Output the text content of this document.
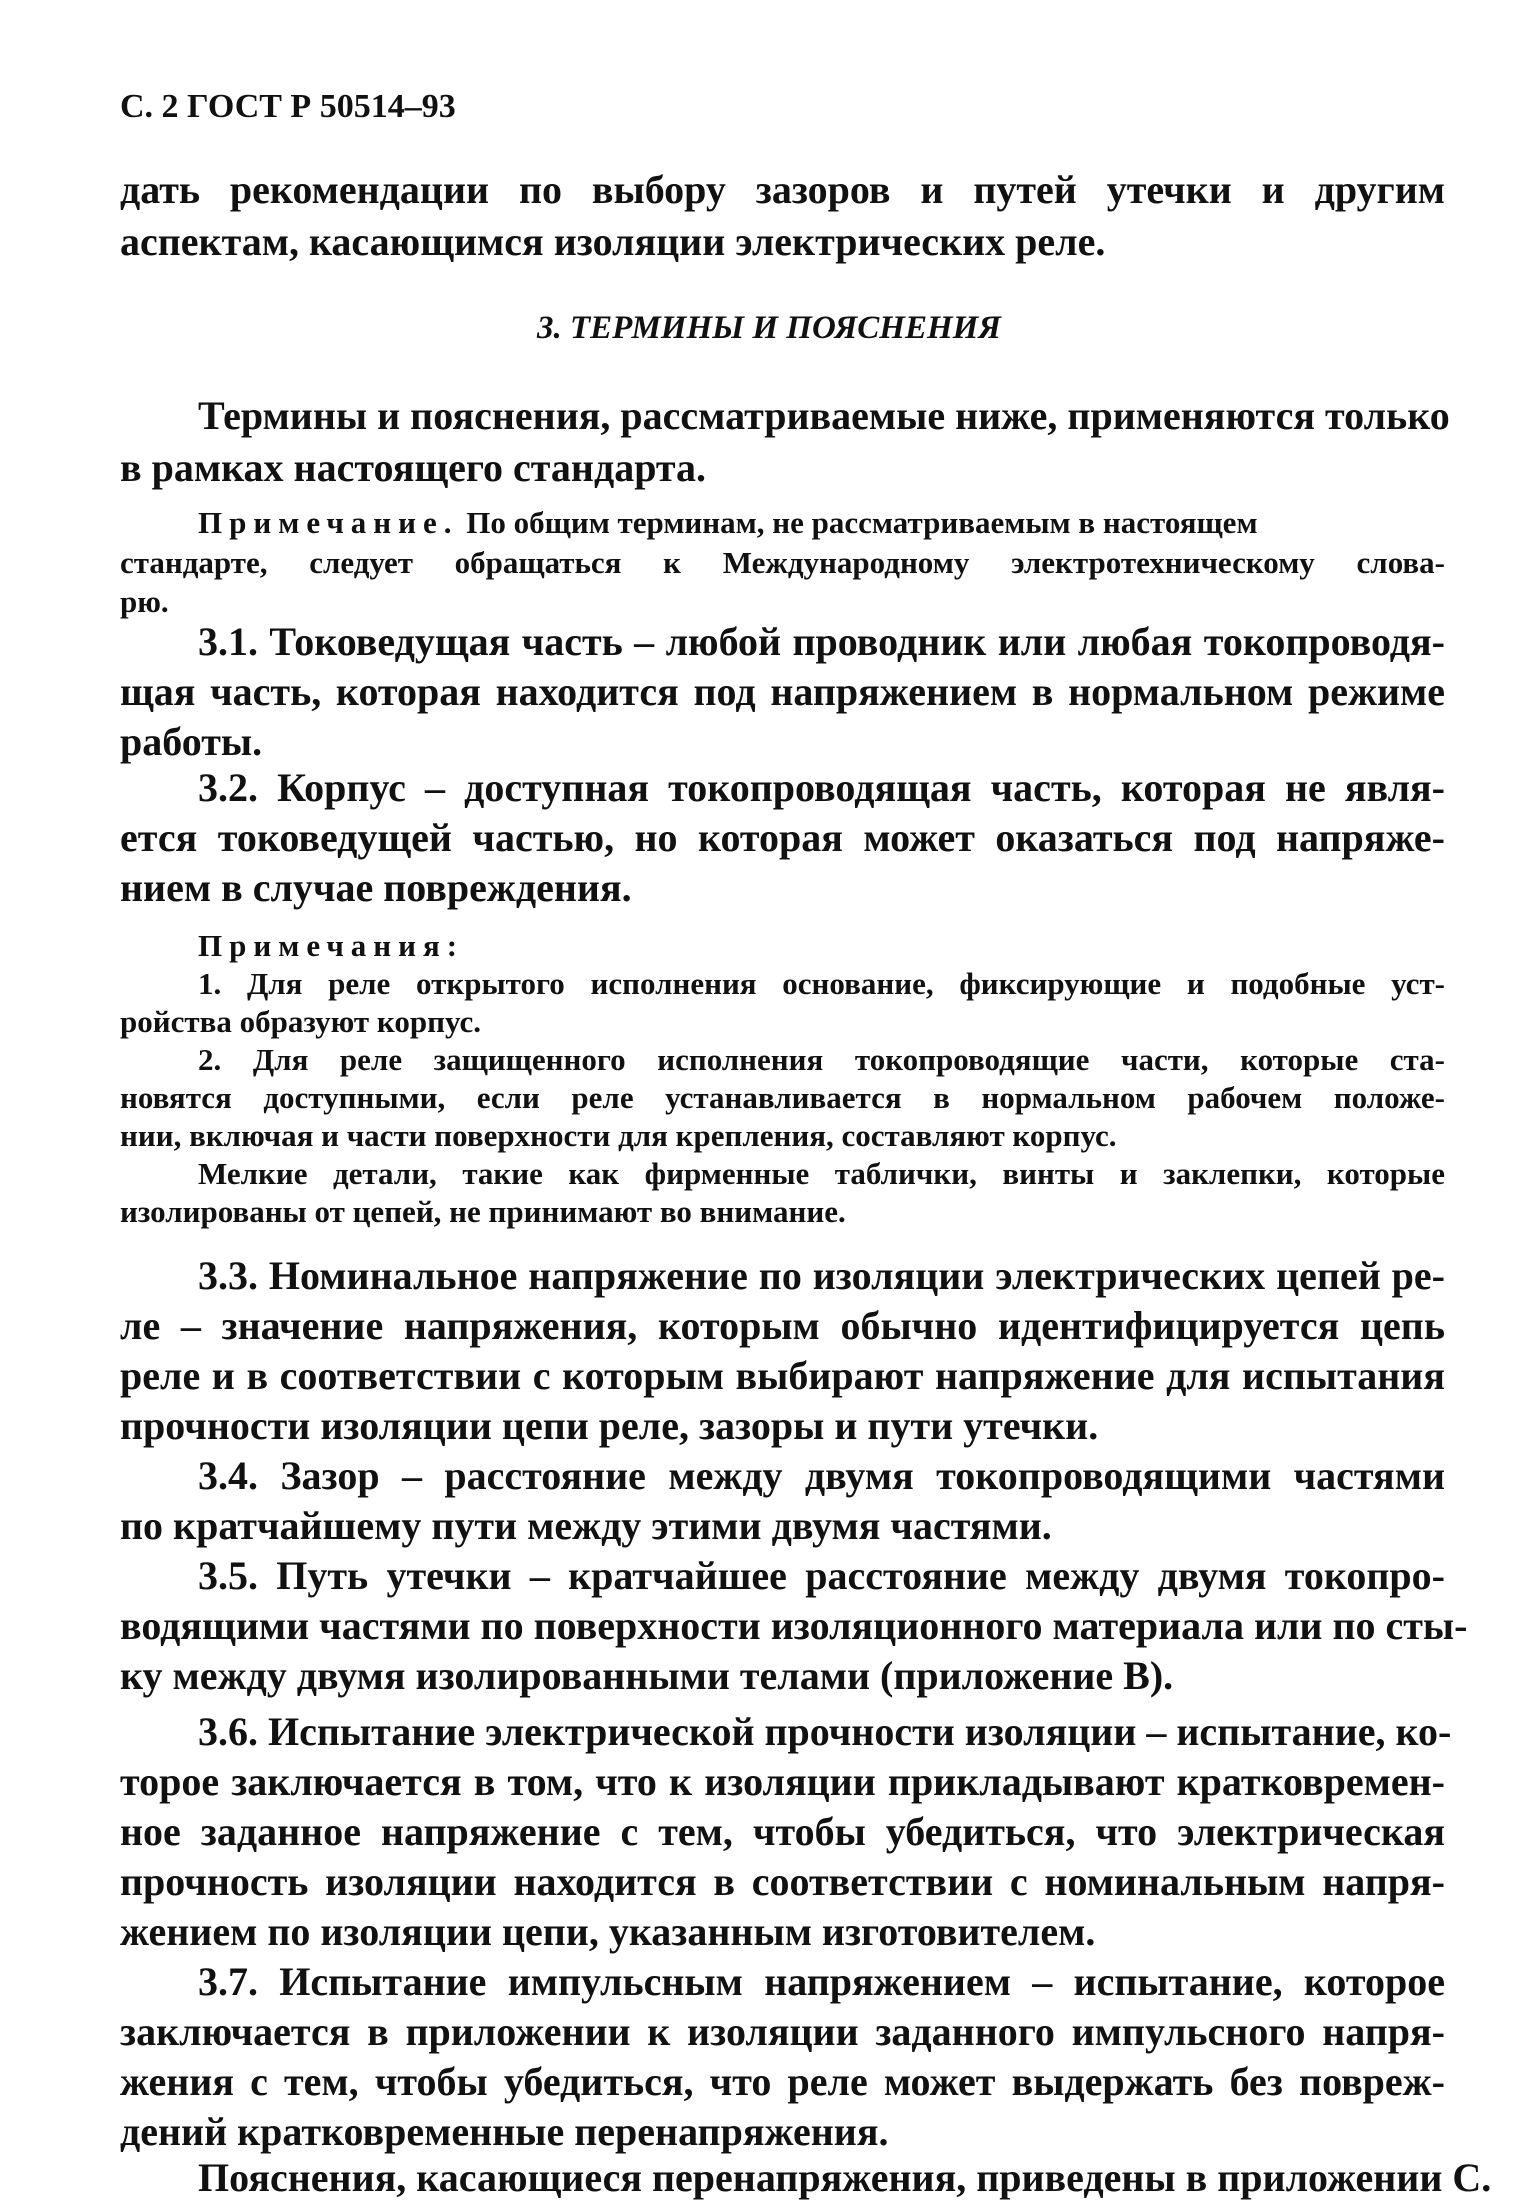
С. 2 ГОСТ Р 50514–93
дать рекомендации по выбору зазоров и путей утечки и другим
аспектам, касающимся изоляции электрических реле.
3. ТЕРМИНЫ И ПОЯСНЕНИЯ
Термины и пояснения, рассматриваемые ниже, применяются только
в рамках настоящего стандарта.
Примечание. По общим терминам, не рассматриваемым в настоящем
стандарте, следует обращаться к Международному электротехническому слова-
рю.
3.1. Токоведущая часть – любой проводник или любая токопроводя-
щая часть, которая находится под напряжением в нормальном режиме
работы.
3.2. Корпус – доступная токопроводящая часть, которая не явля-
ется токоведущей частью, но которая может оказаться под напряже-
нием в случае повреждения.
Примечания:
1. Для реле открытого исполнения основание, фиксирующие и подобные уст-
ройства образуют корпус.
2. Для реле защищенного исполнения токопроводящие части, которые ста-
новятся доступными, если реле устанавливается в нормальном рабочем положе-
нии, включая и части поверхности для крепления, составляют корпус.
Мелкие детали, такие как фирменные таблички, винты и заклепки, которые
изолированы от цепей, не принимают во внимание.
3.3. Номинальное напряжение по изоляции электрических цепей ре-
ле – значение напряжения, которым обычно идентифицируется цепь
реле и в соответствии с которым выбирают напряжение для испытания
прочности изоляции цепи реле, зазоры и пути утечки.
3.4. Зазор – расстояние между двумя токопроводящими частями
по кратчайшему пути между этими двумя частями.
3.5. Путь утечки – кратчайшее расстояние между двумя токопро-
водящими частями по поверхности изоляционного материала или по сты-
ку между двумя изолированными телами (приложение В).
3.6. Испытание электрической прочности изоляции – испытание, ко-
торое заключается в том, что к изоляции прикладывают кратковремен-
ное заданное напряжение с тем, чтобы убедиться, что электрическая
прочность изоляции находится в соответствии с номинальным напря-
жением по изоляции цепи, указанным изготовителем.
3.7. Испытание импульсным напряжением – испытание, которое
заключается в приложении к изоляции заданного импульсного напря-
жения с тем, чтобы убедиться, что реле может выдержать без повреж-
дений кратковременные перенапряжения.
Пояснения, касающиеся перенапряжения, приведены в приложении С.
